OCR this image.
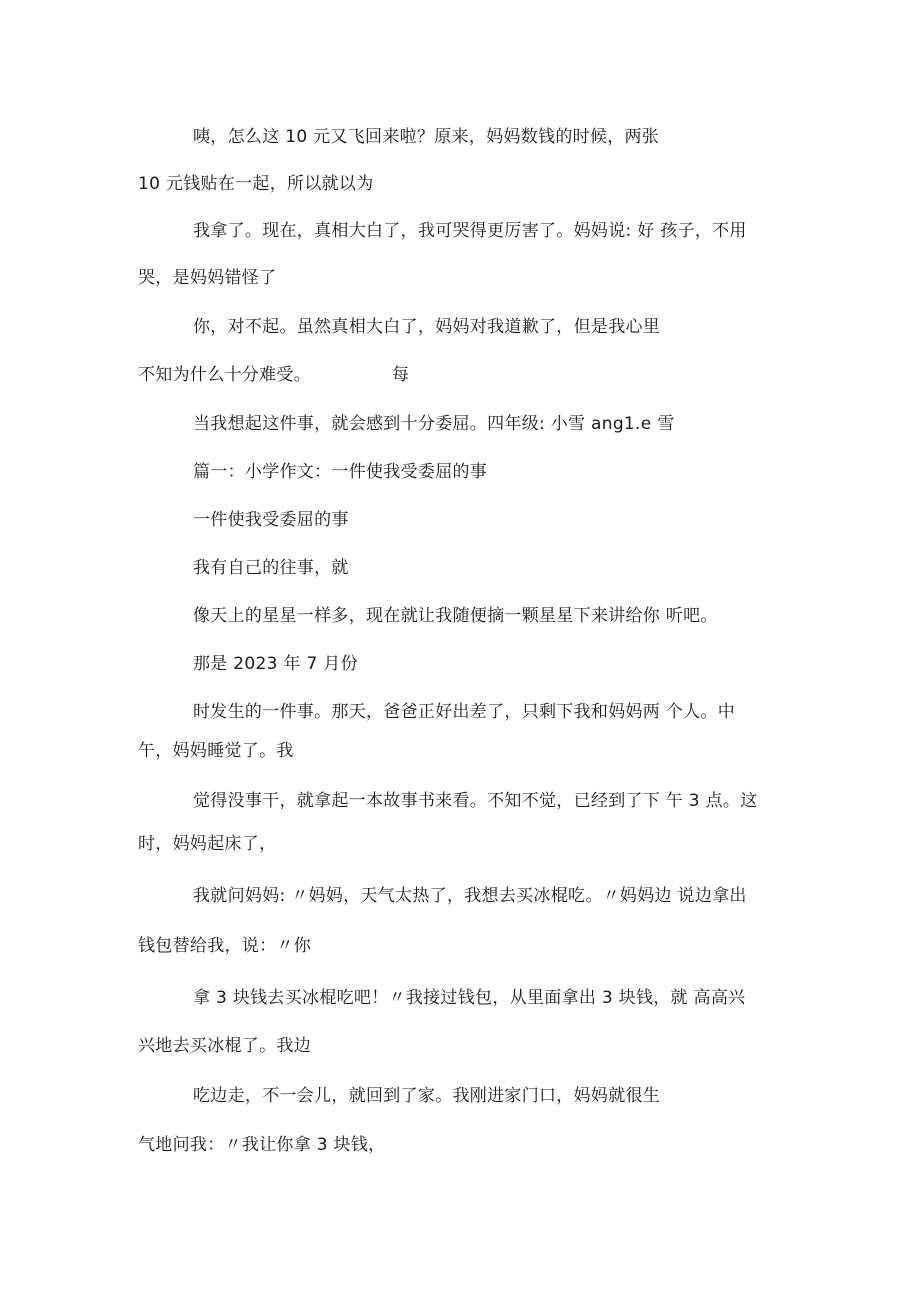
咦，怎么这 10 元又飞回来啦？原来，妈妈数钱的时候，两张
10 元钱贴在一起，所以就以为
我拿了。现在，真相大白了，我可哭得更厉害了。妈妈说: 好 孩子，不用
哭，是妈妈错怪了
你，对不起。虽然真相大白了，妈妈对我道歉了，但是我心里
不知为什么十分难受。	每
当我想起这件事，就会感到十分委屈。四年级: 小雪 ang1.e 雪
篇一：小学作文：一件使我受委屈的事
一件使我受委屈的事
我有自己的往事，就
像天上的星星一样多，现在就让我随便摘一颗星星下来讲给你 听吧。
那是 2023 年 7 月份
时发生的一件事。那天，爸爸正好出差了，只剩下我和妈妈两 个人。中
午，妈妈睡觉了。我
觉得没事干，就拿起一本故事书来看。不知不觉，已经到了下 午 3 点。这
时，妈妈起床了，
我就问妈妈: 〃妈妈，天气太热了，我想去买冰棍吃。〃妈妈边 说边拿出
钱包替给我，说：〃你
拿 3 块钱去买冰棍吃吧！〃我接过钱包，从里面拿出 3 块钱，就 高高兴
兴地去买冰棍了。我边
吃边走，不一会儿，就回到了家。我刚进家门口，妈妈就很生
气地问我：〃我让你拿 3 块钱，
